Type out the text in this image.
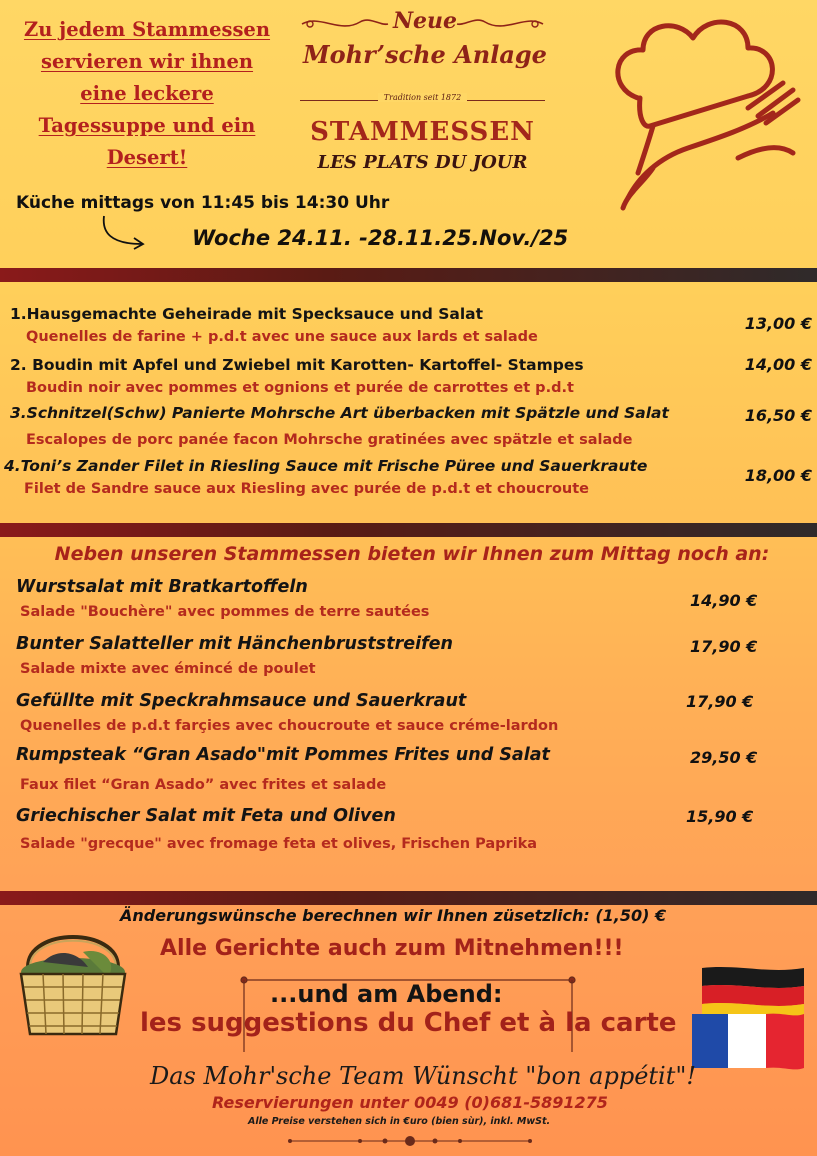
Zu jedem Stammessen
servieren wir ihnen
eine leckere
Tagessuppe und ein
Desert!
Neue
Mohr’sche Anlage
Tradition seit 1872
STAMMESSEN
LES PLATS DU JOUR
Küche mittags von 11:45 bis 14:30 Uhr
Woche 24.11. -28.11.25.Nov./25
1.Hausgemachte Geheirade mit Specksauce und Salat
Quenelles de farine + p.d.t avec une sauce aux lards et salade
13,00 €
2. Boudin mit Apfel und Zwiebel mit Karotten- Kartoffel- Stampes
Boudin noir avec pommes et ognions et purée de carrottes et p.d.t
14,00 €
3.Schnitzel(Schw) Panierte Mohrsche Art überbacken mit Spätzle und Salat
Escalopes de porc panée facon Mohrsche gratinées avec spätzle et salade
16,50 €
4.Toni’s Zander Filet in Riesling Sauce mit Frische Püree und Sauerkraute
Filet de Sandre sauce aux Riesling avec purée de p.d.t et choucroute
18,00 €
Neben unseren Stammessen bieten wir Ihnen zum Mittag noch an:
Wurstsalat mit Bratkartoffeln
Salade "Bouchère" avec pommes de terre sautées
14,90 €
Bunter Salatteller mit Hänchenbruststreifen
Salade mixte avec émincé de poulet
17,90 €
Gefüllte mit Speckrahmsauce und Sauerkraut
Quenelles de p.d.t farçies avec choucroute et sauce créme-lardon
17,90 €
Rumpsteak “Gran Asado"mit Pommes Frites und Salat
Faux filet “Gran Asado” avec frites et salade
29,50 €
Griechischer Salat mit Feta und Oliven
Salade "grecque" avec fromage feta et olives, Frischen Paprika
15,90 €
Änderungswünsche berechnen wir Ihnen züsetzlich: (1,50) €
Alle Gerichte auch zum Mitnehmen!!!
...und am Abend:
les suggestions du Chef et à la carte
Das Mohr'sche Team Wünscht "bon appétit"!
Reservierungen unter 0049 (0)681-5891275
Alle Preise verstehen sich in €uro (bien sùr), inkl. MwSt.
